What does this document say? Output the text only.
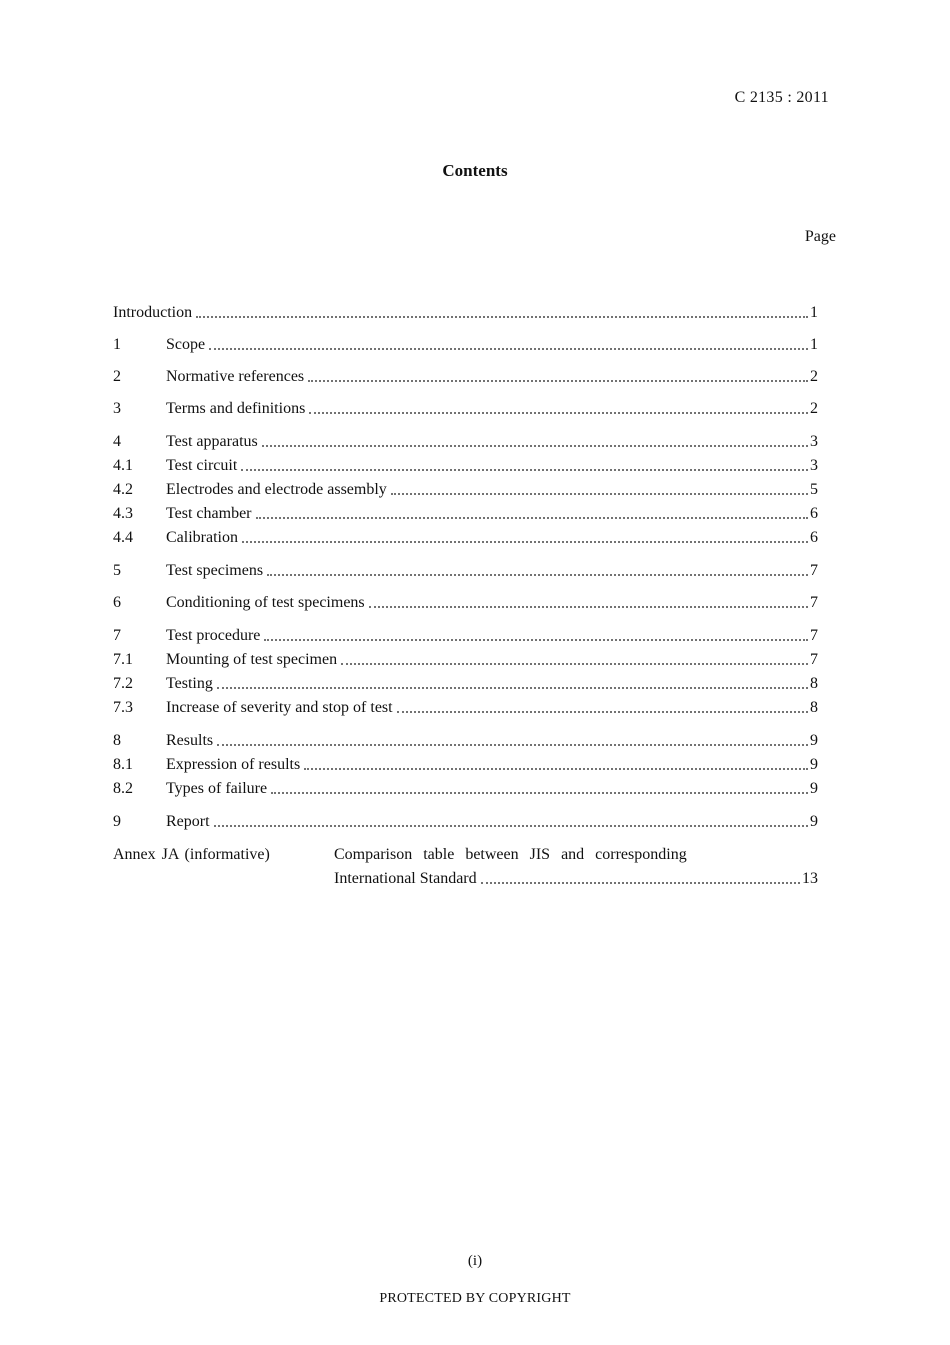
C 2135 : 2011
Contents
Page
Introduction	1
1	Scope	1
2	Normative references	2
3	Terms and definitions	2
4	Test apparatus	3
4.1	Test circuit	3
4.2	Electrodes and electrode assembly	5
4.3	Test chamber	6
4.4	Calibration	6
5	Test specimens	7
6	Conditioning of test specimens	7
7	Test procedure	7
7.1	Mounting of test specimen	7
7.2	Testing	8
7.3	Increase of severity and stop of test	8
8	Results	9
8.1	Expression of results	9
8.2	Types of failure	9
9	Report	9
Annex JA (informative)	Comparison table between JIS and corresponding
International Standard	13
(i)
PROTECTED BY COPYRIGHT
